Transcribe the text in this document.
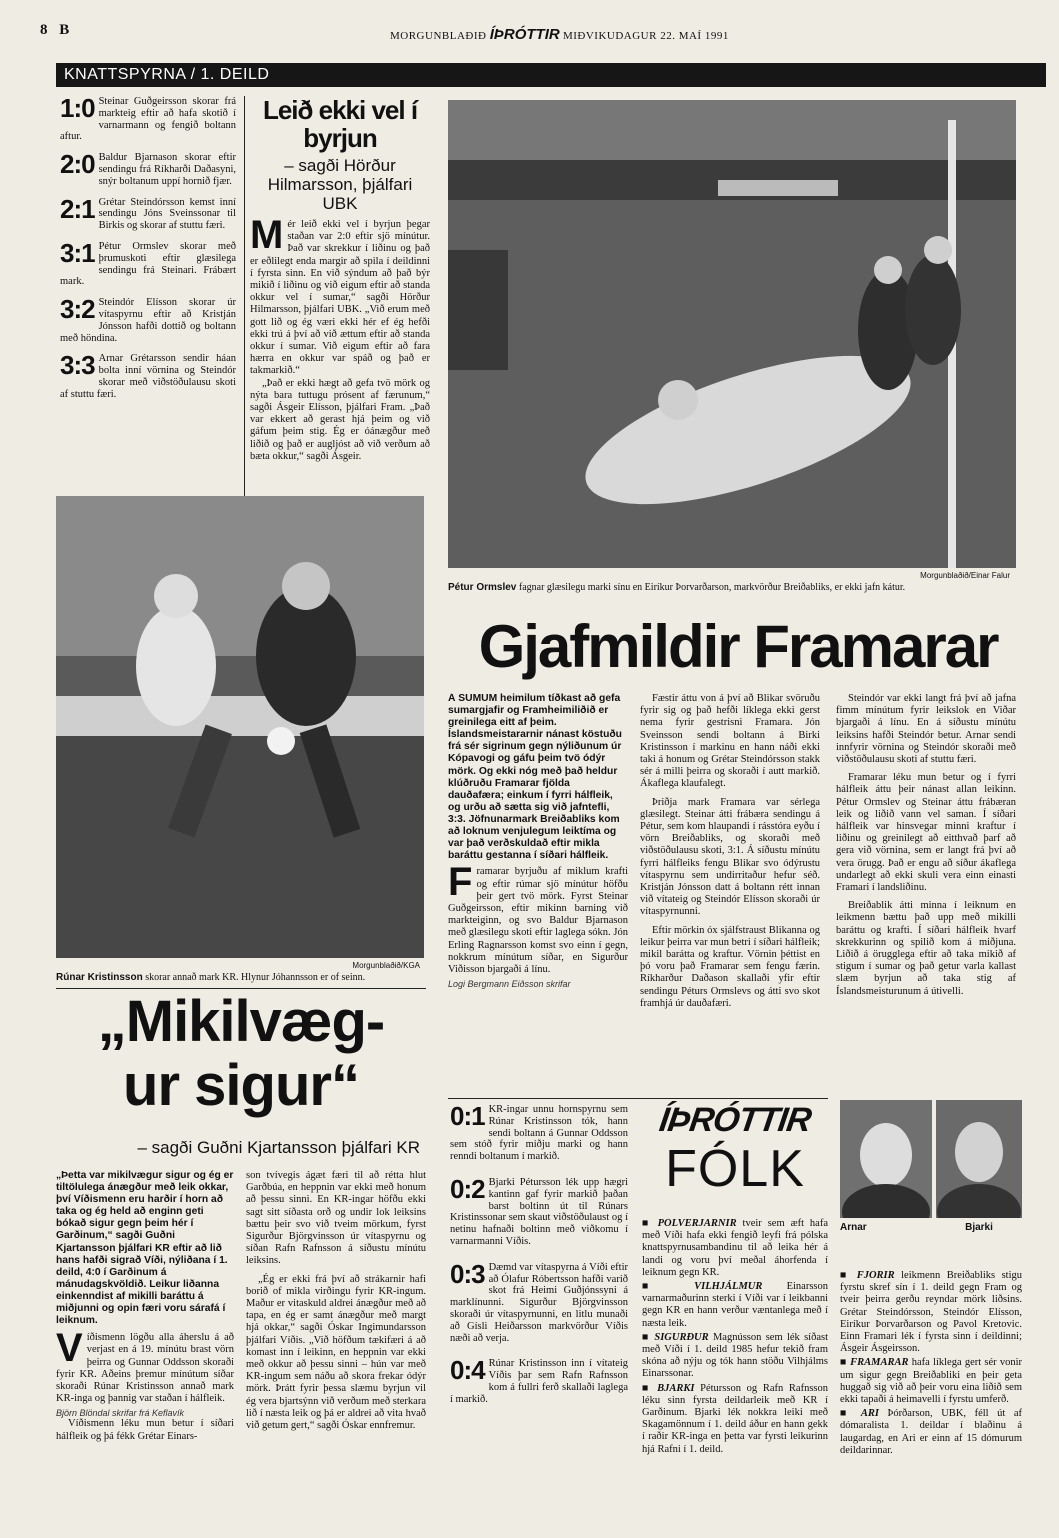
8 B	MORGUNBLAÐIÐ ÍÞRÓTTIR MIÐVIKUDAGUR 22. MAÍ 1991
KNATTSPYRNA / 1. DEILD
1:0 Steinar Guðgeirsson skorar frá markteig eftir að hafa skotið í varnarmann og fengið boltann aftur.
2:0 Baldur Bjarnason skorar eftir sendingu frá Ríkharði Daðasyni, snýr boltanum uppí hornið fjær.
2:1 Grétar Steindórsson kemst inní sendingu Jóns Sveinssonar til Birkis og skorar af stuttu færi.
3:1 Pétur Ormslev skorar með þrumuskoti eftir glæsilega sendingu frá Steinari. Frábært mark.
3:2 Steindór Elísson skorar úr vítaspyrnu eftir að Kristján Jónsson hafði dottið og boltann með höndina.
3:3 Arnar Grétarsson sendir háan bolta inní vörnina og Steindór skorar með viðstöðulausu skoti af stuttu færi.
Leið ekki vel í byrjun
– sagði Hörður Hilmarsson, þjálfari UBK
M ér leið ekki vel í byrjun þegar staðan var 2:0 eftir sjö mínútur. Það var skrekkur í liðinu og það er eðlilegt enda margir að spila í deildinni í fyrsta sinn. En við sýndum að það býr mikið í liðinu og við eigum eftir að standa okkur vel í sumar,“ sagði Hörður Hilmarsson, þjálfari UBK. „Við erum með gott lið og ég væri ekki hér ef ég hefði ekki trú á því að við ættum eftir að standa okkur í sumar. Við eigum eftir að fara hærra en okkur var spáð og það er takmarkið.“

„Það er ekki hægt að gefa tvö mörk og nýta bara tuttugu prósent af færunum,“ sagði Ásgeir Elísson, þjálfari Fram. „Það var ekkert að gerast hjá þeim og við gáfum þeim stig. Ég er óánægður með liðið og það er augljóst að við verðum að bæta okkur,“ sagði Ásgeir.

Morgunblaðið/Einar Falur
Pétur Ormslev fagnar glæsilegu marki sínu en Eiríkur Þorvarðarson, markvörður Breiðabliks, er ekki jafn kátur.
Morgunblaðið/KGA
Rúnar Kristinsson skorar annað mark KR. Hlynur Jóhannsson er of seinn.
„Mikilvæg-
ur sigur“
– sagði Guðni Kjartansson þjálfari KR
„Þetta var mikilvægur sigur og ég er tiltölulega ánægður með leik okkar, því Víðismenn eru harðir í horn að taka og ég held að enginn geti bókað sigur gegn þeim hér í Garðinum,“ sagði Guðni Kjartansson þjálfari KR eftir að lið hans hafði sigrað Víði, nýliðana í 1. deild, 4:0 í Garðinum á mánudagskvöldið. Leikur liðanna einkenndist af mikilli baráttu á miðjunni og opin færi voru sárafá í leiknum.
V íðismenn lögðu alla áherslu á að verjast en á 19. mínútu brast vörn þeirra og Gunnar Oddsson skoraði fyrir KR. Aðeins þremur mínútum síðar skoraði Rúnar Kristinsson annað mark KR-inga og þannig var staðan í hálfleik.
Björn Blöndal skrifar frá Keflavík

Víðismenn léku mun betur í síðari hálfleik og þá fékk Grétar Einars-

son tvívegis ágæt færi til að rétta hlut Garðbúa, en heppnin var ekki með honum að þessu sinni. En KR-ingar höfðu ekki sagt sitt síðasta orð og undir lok leiksins bættu þeir svo við tveim mörkum, fyrst Sigurður Björgvinsson úr vítaspyrnu og síðan Rafn Rafnsson á síðustu mínútu leiksins.

„Ég er ekki frá því að strákarnir hafi borið of mikla virðingu fyrir KR-ingum. Maður er vitaskuld aldrei ánægður með að tapa, en ég er samt ánægður með margt hjá okkar,“ sagði Óskar Ingimundarsson þjálfari Víðis. „Við höfðum tækifæri á að komast inn í leikinn, en heppnin var ekki með okkur að þessu sinni – hún var með KR-ingum sem náðu að skora frekar ódýr mörk. Þrátt fyrir þessa slæmu byrjun vil ég vera bjartsýnn við verðum með sterkara lið í næsta leik og þá er aldrei að vita hvað við getum gert,“ sagði Óskar ennfremur.

Gjafmildir Framarar
Á SUMUM heimilum tíðkast að gefa sumargjafir og Framheimiliðið er greinilega eitt af þeim. Íslandsmeistararnir nánast köstuðu frá sér sigrinum gegn nýliðunum úr Kópavogi og gáfu þeim tvö ódýr mörk. Og ekki nóg með það heldur klúðruðu Framarar fjölda dauðafæra; einkum í fyrri hálfleik, og urðu að sætta sig við jafntefli, 3:3. Jöfnunarmark Breiðabliks kom að loknum venjulegum leiktíma og var það verðskuldað eftir mikla baráttu gestanna í síðari hálfleik.
F ramarar byrjuðu af miklum krafti og eftir rúmar sjö mínútur höfðu þeir gert tvö mörk. Fyrst Steinar Guðgeirsson, eftir mikinn barning við markteiginn, og svo Baldur Bjarnason með glæsilegu skoti eftir laglega sókn. Jón Erling Ragnarsson komst svo einn í gegn, nokkrum mínútum síðar, en Sigurður Viðisson bjargaði á línu.
Logi Bergmann Eiðsson skrifar

Fæstir áttu von á því að Blikar svöruðu fyrir sig og það hefði líklega ekki gerst nema fyrir gestrisni Framara. Jón Sveinsson sendi boltann á Birki Kristinsson í markinu en hann náði ekki taki á honum og Grétar Steindórsson stakk sér á milli þeirra og skoraði í autt markið. Ákaflega klaufalegt.

Þriðja mark Framara var sérlega glæsilegt. Steinar átti frábæra sendingu á Pétur, sem kom hlaupandi í rásstóra eyðu í vörn Breiðabliks, og skoraði með viðstöðulausu skoti, 3:1. Á síðustu mínútu fyrri hálfleiks fengu Blikar svo ódýrustu vítaspyrnu sem undirritaður hefur séð. Kristján Jónsson datt á boltann rétt innan við vítateig og Steindór Elísson skoraði úr vítaspyrnunni.

Eftir mörkin óx sjálfstraust Blikanna og leikur þeirra var mun betri í síðari hálfleik; mikil barátta og kraftur. Vörnin þéttist en þó voru það Framarar sem fengu færin. Ríkharður Daðason skallaði yfir eftir sendingu Péturs Ormslevs og átti svo skot framhjá úr dauðafæri.

Steindór var ekki langt frá því að jafna fimm mínútum fyrir leikslok en Viðar bjargaði á línu. En á síðustu mínútu leiksins hafði Steindór betur. Arnar sendi innfyrir vörnina og Steindór skoraði með viðstöðulausu skoti af stuttu færi.

Framarar léku mun betur og í fyrri hálfleik áttu þeir nánast allan leikinn. Pétur Ormslev og Steinar áttu frábæran leik og liðið vann vel saman. Í síðari hálfleik var hinsvegar minni kraftur í liðinu og greinilegt að eitthvað þarf að gera við vörnina, sem er langt frá því að vera örugg. Það er engu að síður ákaflega undarlegt að ekki skuli vera einn einasti Framari í landsliðinu.

Breiðablik átti minna í leiknum en leikmenn bættu það upp með mikilli baráttu og krafti. Í síðari hálfleik hvarf skrekkurinn og spilið kom á miðjuna. Liðið á örugglega eftir að taka mikið af stigum í sumar og það getur varla kallast slæm byrjun að taka stig af Íslandsmeisturunum á útivelli.

0:1 KR-ingar unnu hornspyrnu sem Rúnar Kristinsson tók, hann sendi boltann á Gunnar Oddsson sem stóð fyrir miðju marki og hann renndi boltanum í markið.
0:2 Bjarki Pétursson lék upp hægri kantinn gaf fyrir markið þaðan barst boltinn út til Rúnars Kristinssonar sem skaut viðstöðulaust og í netinu hafnaði boltinn með viðkomu í varnarmanni Víðis.
0:3 Dæmd var vítaspyrna á Víði eftir að Ólafur Róbertsson hafði varið skot frá Heimi Guðjónssyni á marklínunni. Sigurður Björgvinsson skoraði úr vítaspyrnunni, en litlu munaði að Gísli Heiðarsson markvörður Víðis næði að verja.
0:4 Rúnar Kristinsson inn í vítateig Víðis þar sem Rafn Rafnsson kom á fullri ferð skallaði laglega í markið.
ÍÞRÓTTIR
FÓLK
Arnar	Bjarki

■ PÓLVERJARNIR tveir sem æft hafa með Víði hafa ekki fengið leyfi frá pólska knattspyrnusambandinu til að leika hér á landi og voru því meðal áhorfenda í leiknum gegn KR.

■ VILHJÁLMUR Einarsson varnarmaðurinn sterki í Víði var í leikbanni gegn KR en hann verður væntanlega með í næsta leik.

■ SIGURÐUR Magnússon sem lék síðast með Víði í 1. deild 1985 hefur tekið fram skóna að nýju og tók hann stöðu Vilhjálms Einarssonar.

■ BJARKI Pétursson og Rafn Rafnsson léku sinn fyrsta deildarleik með KR í Garðinum. Bjarki lék nokkra leiki með Skagamönnum í 1. deild áður en hann gekk í raðir KR-inga en þetta var fyrsti leikurinn hjá Rafni í 1. deild.

■ FJÓRIR leikmenn Breiðabliks stigu fyrstu skref sín í 1. deild gegn Fram og tveir þeirra gerðu reyndar mörk liðsins. Grétar Steindórsson, Steindór Elísson, Eiríkur Þorvarðarson og Pavol Kretovic. Einn Framari lék í fyrsta sinn í deildinni; Ásgeir Ásgeirsson.

■ FRAMARAR hafa líklega gert sér vonir um sigur gegn Breiðabliki en þeir geta huggað sig við að þeir voru eina liðið sem ekki tapaði á heimavelli í fyrstu umferð.

■ ARI Þórðarson, UBK, féll út af dómaralista 1. deildar í blaðinu á laugardag, en Ari er einn af 15 dómurum deildarinnar.
